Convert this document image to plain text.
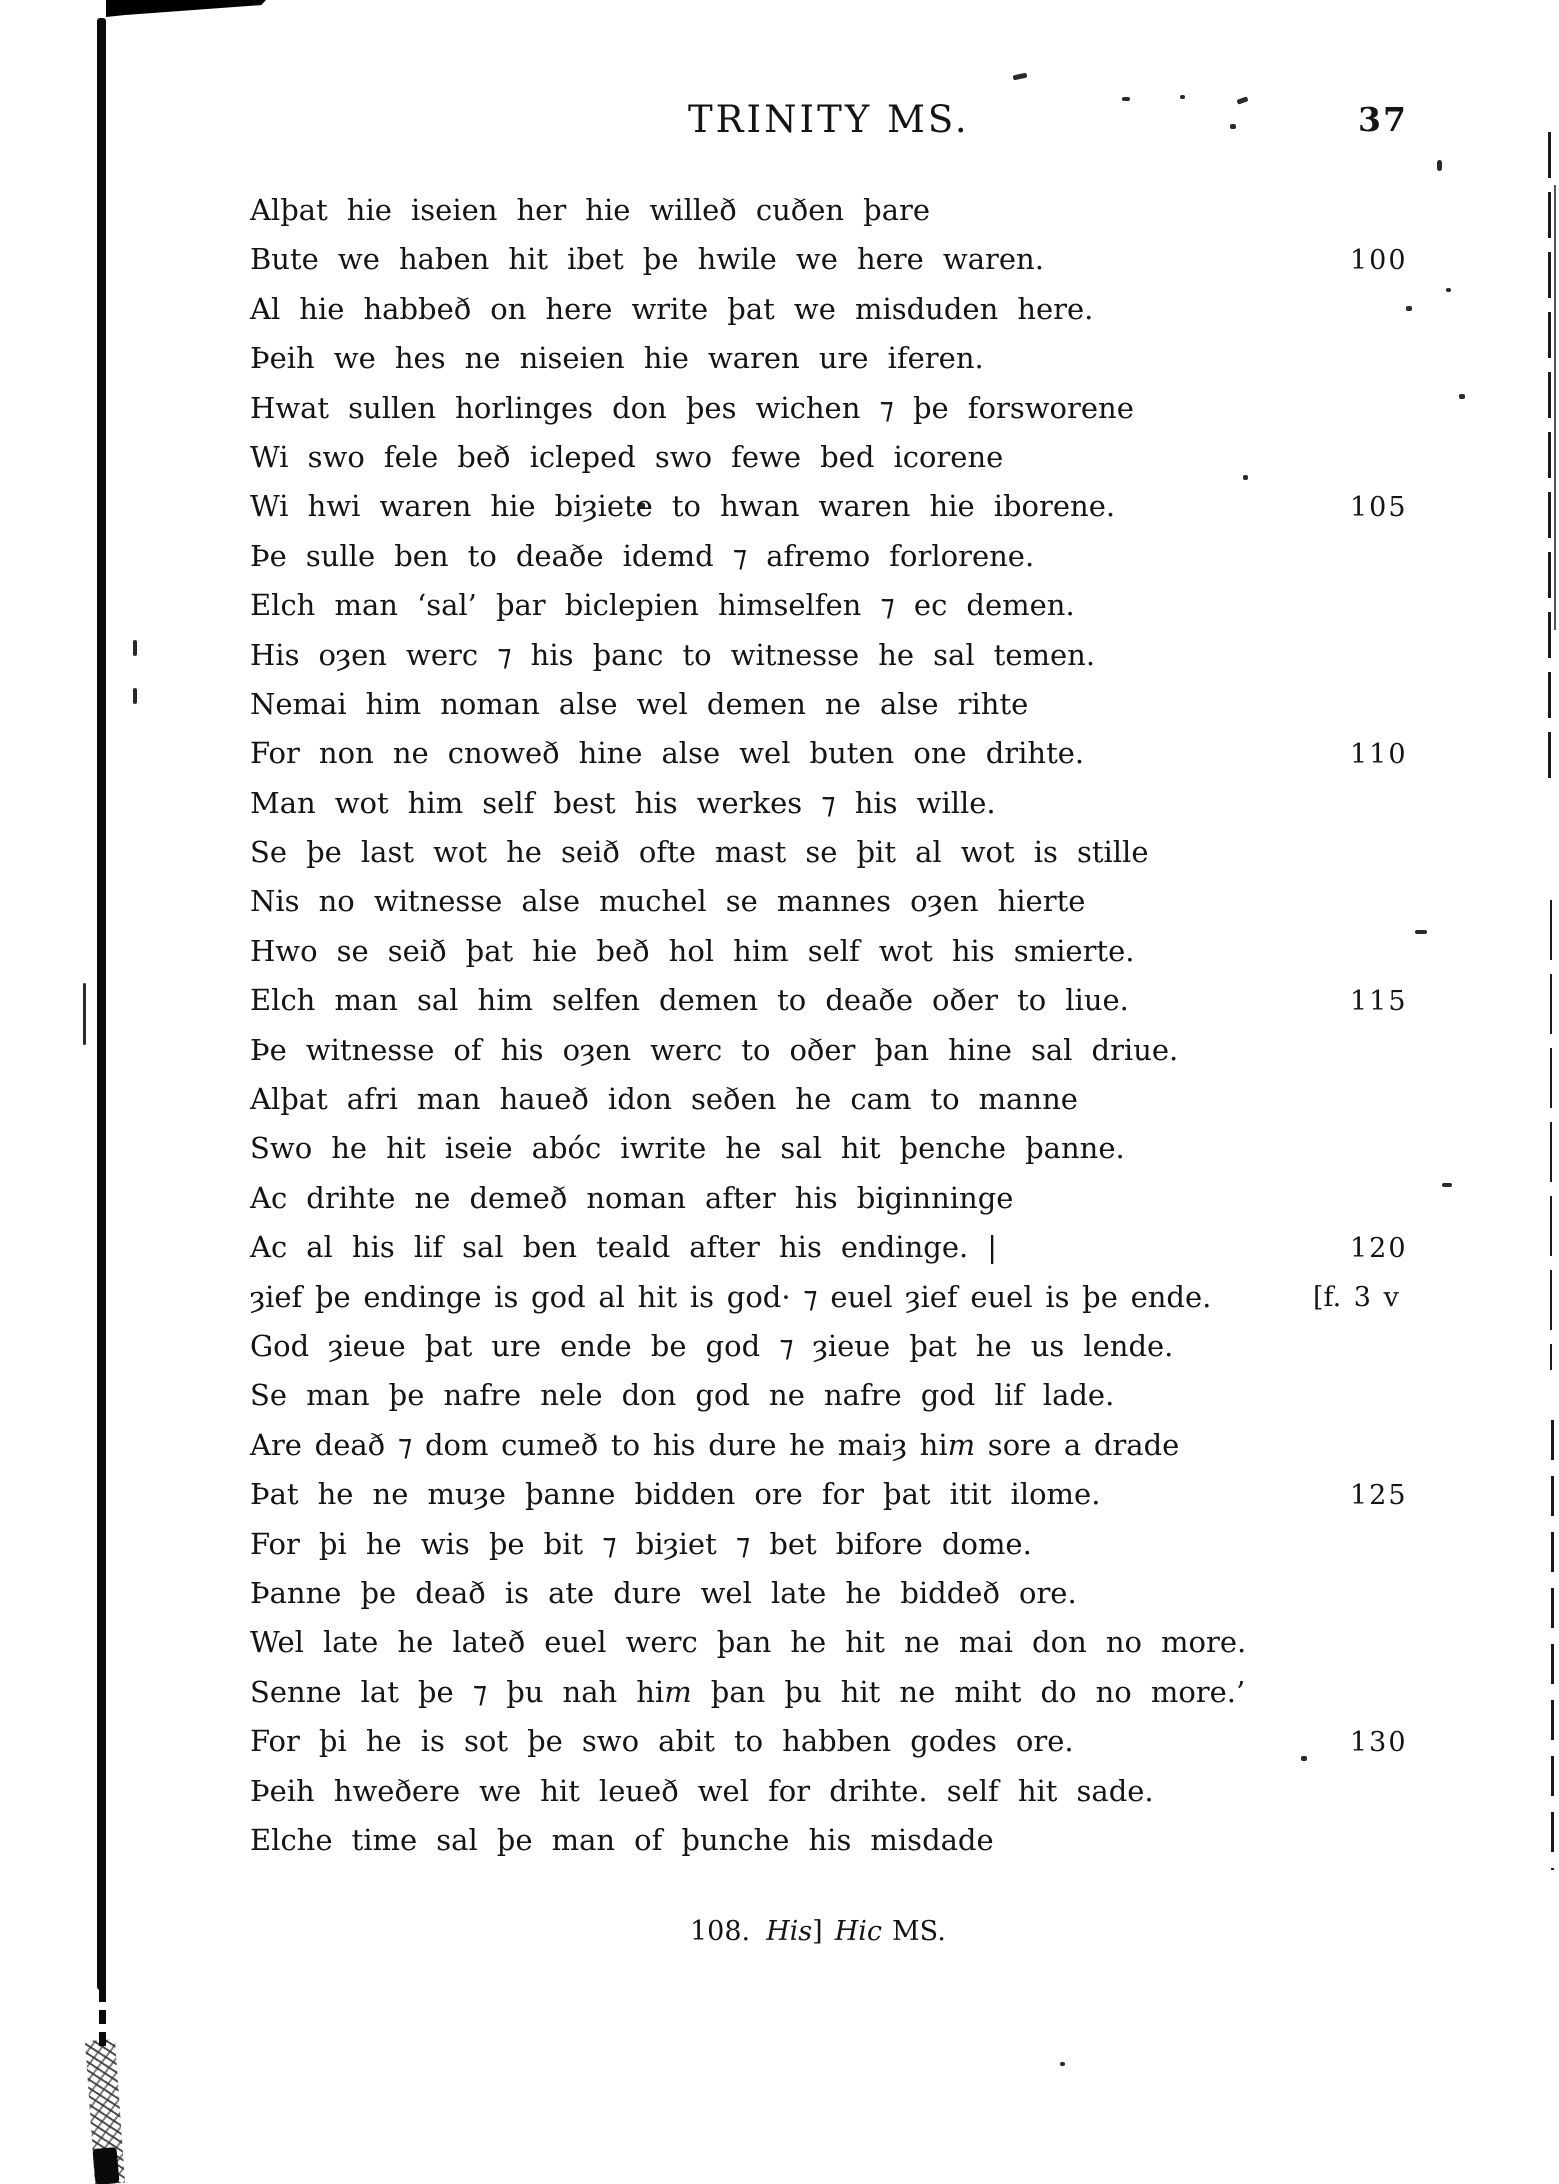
TRINITY MS.	37
Alþat hie iseien her hie willeð cuðen þare
Bute we haben hit ibet þe hwile we here waren.	100
Al hie habbeð on here write þat we misduden here.
Þeih we hes ne niseien hie waren ure iferen.
Hwat sullen horlinges don þes wichen ⁊ þe forsworene
Wi swo fele beð icleped swo fewe bed icorene
Wi hwi waren hie biȝiete to hwan waren hie iborene.	105
Þe sulle ben to deaðe idemd ⁊ afremo forlorene.
Elch man ‘sal’ þar biclepien himselfen ⁊ ec demen.
His oȝen werc ⁊ his þanc to witnesse he sal temen.
Nemai him noman alse wel demen ne alse rihte
For non ne cnoweð hine alse wel buten one drihte.	110
Man wot him self best his werkes ⁊ his wille.
Se þe last wot he seið ofte mast se þit al wot is stille
Nis no witnesse alse muchel se mannes oȝen hierte
Hwo se seið þat hie beð hol him self wot his smierte.
Elch man sal him selfen demen to deaðe oðer to liue.	115
Þe witnesse of his oȝen werc to oðer þan hine sal driue.
Alþat afri man haueð idon seðen he cam to manne
Swo he hit iseie abóc iwrite he sal hit þenche þanne.
Ac drihte ne demeð noman after his biginninge
Ac al his lif sal ben teald after his endinge. |	120
ȝief þe endinge is god al hit is god· ⁊ euel ȝief euel is þe ende.	[f. 3 v
God ȝieue þat ure ende be god ⁊ ȝieue þat he us lende.
Se man þe nafre nele don god ne nafre god lif lade.
Are deað ⁊ dom cumeð to his dure he maiȝ him sore a drade
Þat he ne muȝe þanne bidden ore for þat itit ilome.	125
For þi he wis þe bit ⁊ biȝiet ⁊ bet bifore dome.
Þanne þe deað is ate dure wel late he biddeð ore.
Wel late he lateð euel werc þan he hit ne mai don no more.
Senne lat þe ⁊ þu nah him þan þu hit ne miht do no more.’
For þi he is sot þe swo abit to habben godes ore.	130
Þeih hweðere we hit leueð wel for drihte. self hit sade.
Elche time sal þe man of þunche his misdade
108. His] Hic MS.
